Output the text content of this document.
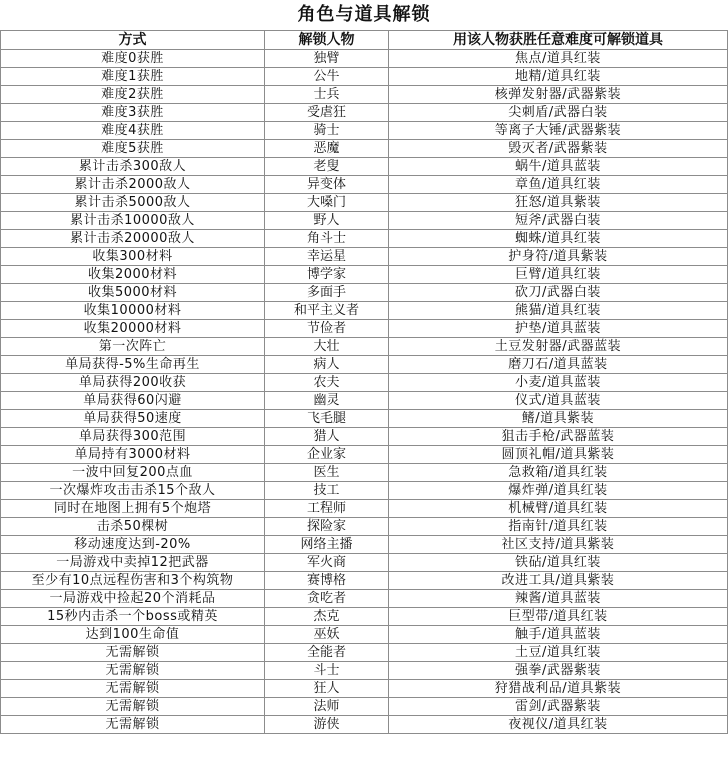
角色与道具解锁
方式	解锁人物	用该人物获胜任意难度可解锁道具
难度0获胜	独臂	焦点/道具红装
难度1获胜	公牛	地精/道具红装
难度2获胜	士兵	核弹发射器/武器紫装
难度3获胜	受虐狂	尖刺盾/武器白装
难度4获胜	骑士	等离子大锤/武器紫装
难度5获胜	恶魔	毁灭者/武器紫装
累计击杀300敌人	老叟	蜗牛/道具蓝装
累计击杀2000敌人	异变体	章鱼/道具红装
累计击杀5000敌人	大嗓门	狂怒/道具紫装
累计击杀10000敌人	野人	短斧/武器白装
累计击杀20000敌人	角斗士	蜘蛛/道具红装
收集300材料	幸运星	护身符/道具紫装
收集2000材料	博学家	巨臂/道具红装
收集5000材料	多面手	砍刀/武器白装
收集10000材料	和平主义者	熊猫/道具红装
收集20000材料	节俭者	护垫/道具蓝装
第一次阵亡	大壮	土豆发射器/武器蓝装
单局获得-5%生命再生	病人	磨刀石/道具蓝装
单局获得200收获	农夫	小麦/道具蓝装
单局获得60闪避	幽灵	仪式/道具蓝装
单局获得50速度	飞毛腿	鳍/道具紫装
单局获得300范围	猎人	狙击手枪/武器蓝装
单局持有3000材料	企业家	圆顶礼帽/道具紫装
一波中回复200点血	医生	急救箱/道具红装
一次爆炸攻击击杀15个敌人	技工	爆炸弹/道具红装
同时在地图上拥有5个炮塔	工程师	机械臂/道具红装
击杀50棵树	探险家	指南针/道具红装
移动速度达到-20%	网络主播	社区支持/道具紫装
一局游戏中卖掉12把武器	军火商	铁砧/道具红装
至少有10点远程伤害和3个构筑物	赛博格	改进工具/道具紫装
一局游戏中捡起20个消耗品	贪吃者	辣酱/道具蓝装
15秒内击杀一个boss或精英	杰克	巨型带/道具红装
达到100生命值	巫妖	触手/道具蓝装
无需解锁	全能者	土豆/道具红装
无需解锁	斗士	强拳/武器紫装
无需解锁	狂人	狩猎战利品/道具紫装
无需解锁	法师	雷剑/武器紫装
无需解锁	游侠	夜视仪/道具红装
